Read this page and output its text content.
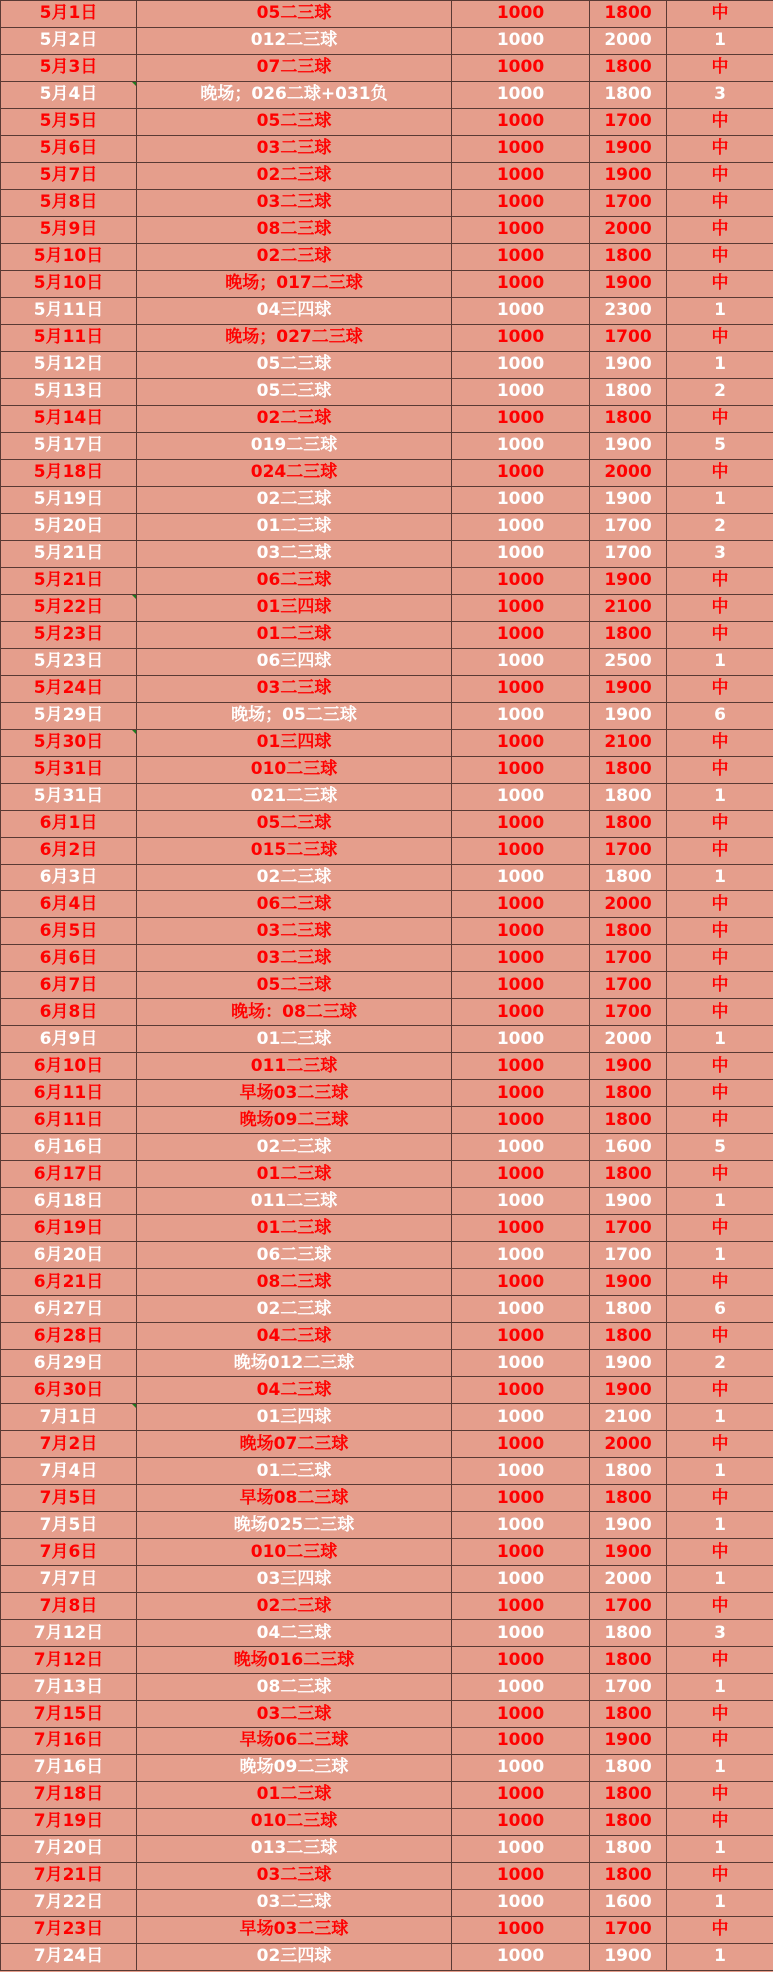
5月1日	05二三球	1000	1800	中
5月2日	012二三球	1000	2000	1
5月3日	07二三球	1000	1800	中
5月4日	晚场；026二球+031负	1000	1800	3
5月5日	05二三球	1000	1700	中
5月6日	03二三球	1000	1900	中
5月7日	02二三球	1000	1900	中
5月8日	03二三球	1000	1700	中
5月9日	08二三球	1000	2000	中
5月10日	02二三球	1000	1800	中
5月10日	晚场；017二三球	1000	1900	中
5月11日	04三四球	1000	2300	1
5月11日	晚场；027二三球	1000	1700	中
5月12日	05二三球	1000	1900	1
5月13日	05二三球	1000	1800	2
5月14日	02二三球	1000	1800	中
5月17日	019二三球	1000	1900	5
5月18日	024二三球	1000	2000	中
5月19日	02二三球	1000	1900	1
5月20日	01二三球	1000	1700	2
5月21日	03二三球	1000	1700	3
5月21日	06二三球	1000	1900	中
5月22日	01三四球	1000	2100	中
5月23日	01二三球	1000	1800	中
5月23日	06三四球	1000	2500	1
5月24日	03二三球	1000	1900	中
5月29日	晚场；05二三球	1000	1900	6
5月30日	01三四球	1000	2100	中
5月31日	010二三球	1000	1800	中
5月31日	021二三球	1000	1800	1
6月1日	05二三球	1000	1800	中
6月2日	015二三球	1000	1700	中
6月3日	02二三球	1000	1800	1
6月4日	06二三球	1000	2000	中
6月5日	03二三球	1000	1800	中
6月6日	03二三球	1000	1700	中
6月7日	05二三球	1000	1700	中
6月8日	晚场：08二三球	1000	1700	中
6月9日	01二三球	1000	2000	1
6月10日	011二三球	1000	1900	中
6月11日	早场03二三球	1000	1800	中
6月11日	晚场09二三球	1000	1800	中
6月16日	02二三球	1000	1600	5
6月17日	01二三球	1000	1800	中
6月18日	011二三球	1000	1900	1
6月19日	01二三球	1000	1700	中
6月20日	06二三球	1000	1700	1
6月21日	08二三球	1000	1900	中
6月27日	02二三球	1000	1800	6
6月28日	04二三球	1000	1800	中
6月29日	晚场012二三球	1000	1900	2
6月30日	04二三球	1000	1900	中
7月1日	01三四球	1000	2100	1
7月2日	晚场07二三球	1000	2000	中
7月4日	01二三球	1000	1800	1
7月5日	早场08二三球	1000	1800	中
7月5日	晚场025二三球	1000	1900	1
7月6日	010二三球	1000	1900	中
7月7日	03三四球	1000	2000	1
7月8日	02二三球	1000	1700	中
7月12日	04二三球	1000	1800	3
7月12日	晚场016二三球	1000	1800	中
7月13日	08二三球	1000	1700	1
7月15日	03二三球	1000	1800	中
7月16日	早场06二三球	1000	1900	中
7月16日	晚场09二三球	1000	1800	1
7月18日	01二三球	1000	1800	中
7月19日	010二三球	1000	1800	中
7月20日	013二三球	1000	1800	1
7月21日	03二三球	1000	1800	中
7月22日	03二三球	1000	1600	1
7月23日	早场03二三球	1000	1700	中
7月24日	02三四球	1000	1900	1
